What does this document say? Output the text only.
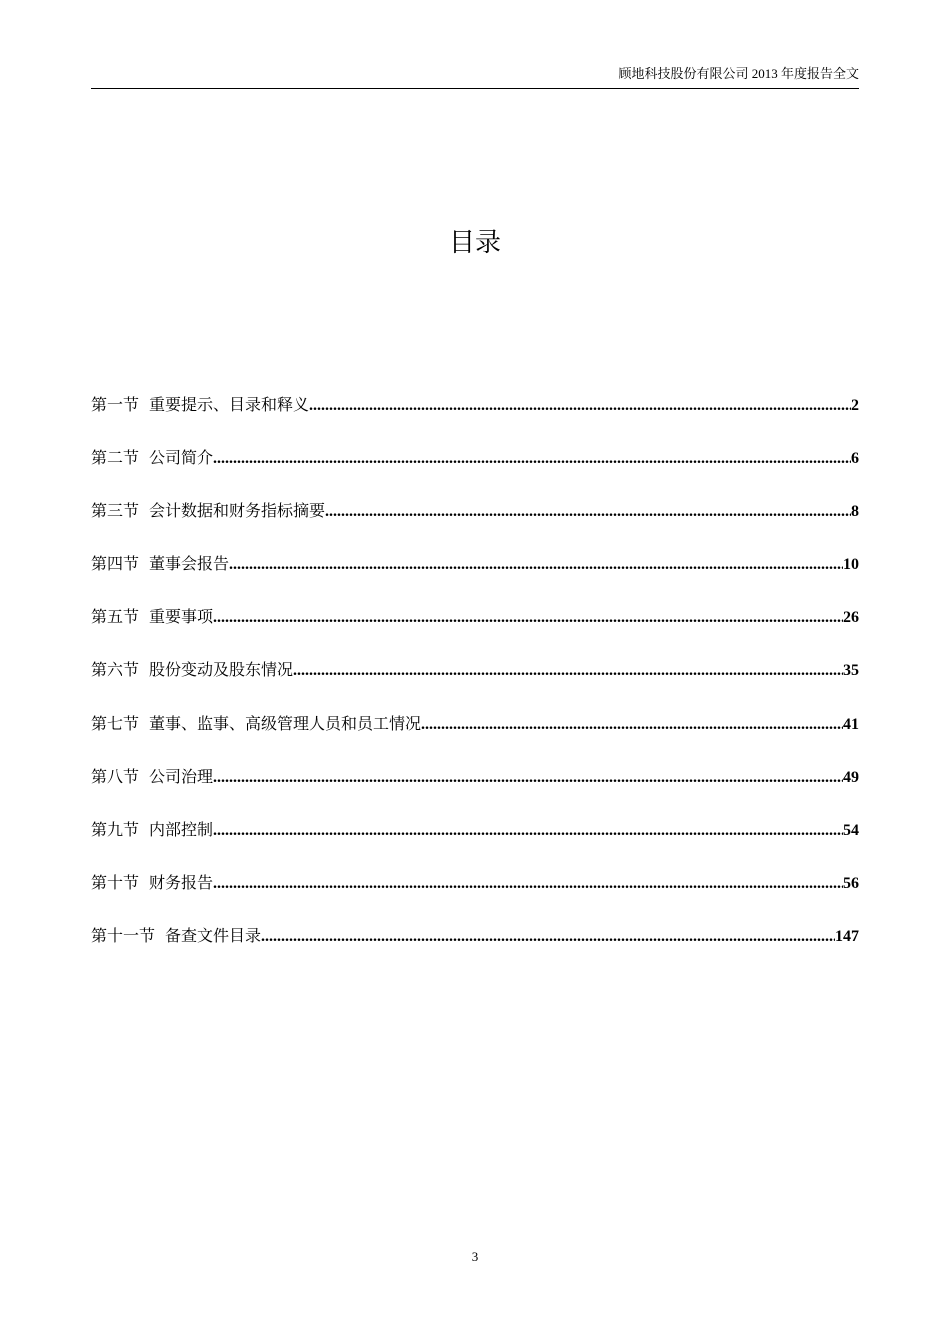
顾地科技股份有限公司 2013 年度报告全文
目录
第一节 重要提示、目录和释义 .....	2
第二节 公司简介 .....	6
第三节 会计数据和财务指标摘要 .....	8
第四节 董事会报告 .....	10
第五节 重要事项 .....	26
第六节 股份变动及股东情况 .....	35
第七节 董事、监事、高级管理人员和员工情况 .....	41
第八节 公司治理 .....	49
第九节 内部控制 .....	54
第十节 财务报告 .....	56
第十一节 备查文件目录 .....	147
3
